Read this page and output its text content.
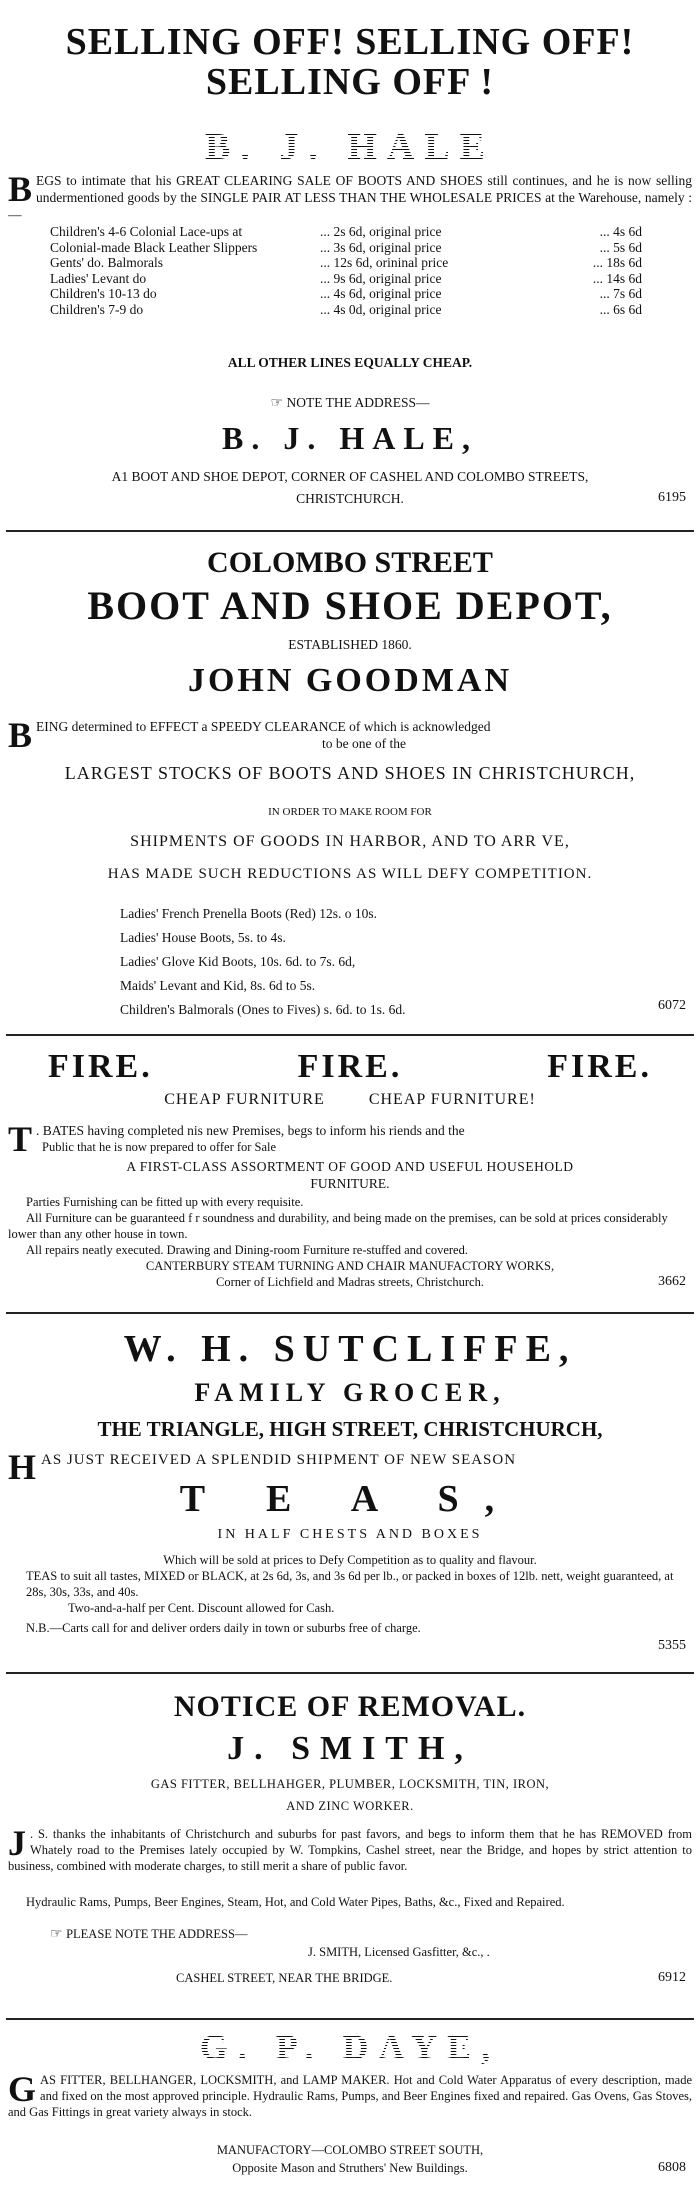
SELLING OFF! SELLING OFF!
SELLING OFF !
B. J. HALE
BEGS to intimate that his GREAT CLEARING SALE OF BOOTS AND SHOES still continues, and he is now selling undermentioned goods by the SINGLE PAIR AT LESS THAN THE WHOLESALE PRICES at the Warehouse, namely :—
Children's 4-6 Colonial Lace-ups at	... 2s 6d, original price	... 4s 6d
Colonial-made Black Leather Slippers	... 3s 6d, original price	... 5s 6d
Gents' do. Balmorals	... 12s 6d, orininal price	... 18s 6d
Ladies' Levant do	... 9s 6d, original price	... 14s 6d
Children's 10-13 do	... 4s 6d, original price	... 7s 6d
Children's 7-9 do	... 4s 0d, original price	... 6s 6d
ALL OTHER LINES EQUALLY CHEAP.
☞ NOTE THE ADDRESS—
B. J. HALE,
A1 BOOT AND SHOE DEPOT, CORNER OF CASHEL AND COLOMBO STREETS,
CHRISTCHURCH.	6195
COLOMBO STREET
BOOT AND SHOE DEPOT,
ESTABLISHED 1860.
JOHN GOODMAN
BEING determined to EFFECT a SPEEDY CLEARANCE of which is acknowledged
to be one of the
LARGEST STOCKS OF BOOTS AND SHOES IN CHRISTCHURCH,
IN ORDER TO MAKE ROOM FOR
SHIPMENTS OF GOODS IN HARBOR, AND TO ARR VE,
HAS MADE SUCH REDUCTIONS AS WILL DEFY COMPETITION.
Ladies' French Prenella Boots (Red) 12s. o 10s.
Ladies' House Boots, 5s. to 4s.
Ladies' Glove Kid Boots, 10s. 6d. to 7s. 6d,
Maids' Levant and Kid, 8s. 6d to 5s.
Children's Balmorals (Ones to Fives) s. 6d. to 1s. 6d.	6072
FIRE.	FIRE.	FIRE.
CHEAP FURNITURE	CHEAP FURNITURE!
T . BATES having completed nis new Premises, begs to inform his riends and the
Public that he is now prepared to offer for Sale
A FIRST-CLASS ASSORTMENT OF GOOD AND USEFUL HOUSEHOLD
FURNITURE.
Parties Furnishing can be fitted up with every requisite.
All Furniture can be guaranteed f r soundness and durability, and being made on the premises, can be sold at prices considerably lower than any other house in town.
All repairs neatly executed. Drawing and Dining-room Furniture re-stuffed and covered.
CANTERBURY STEAM TURNING AND CHAIR MANUFACTORY WORKS,
Corner of Lichfield and Madras streets, Christchurch.	3662
W. H. SUTCLIFFE,
FAMILY GROCER,
THE TRIANGLE, HIGH STREET, CHRISTCHURCH,
HAS JUST RECEIVED A SPLENDID SHIPMENT OF NEW SEASON
T E A S,
IN HALF CHESTS AND BOXES
Which will be sold at prices to Defy Competition as to quality and flavour.
TEAS to suit all tastes, MIXED or BLACK, at 2s 6d, 3s, and 3s 6d per lb., or packed in boxes of 12lb. nett, weight guaranteed, at 28s, 30s, 33s, and 40s.
Two-and-a-half per Cent. Discount allowed for Cash.
N.B.—Carts call for and deliver orders daily in town or suburbs free of charge.
5355
NOTICE OF REMOVAL.
J. SMITH,
GAS FITTER, BELLHAHGER, PLUMBER, LOCKSMITH, TIN, IRON,
AND ZINC WORKER.
J . S. thanks the inhabitants of Christchurch and suburbs for past favors, and begs to inform them that he has REMOVED from Whately road to the Premises lately occupied by W. Tompkins, Cashel street, near the Bridge, and hopes by strict attention to business, combined with moderate charges, to still merit a share of public favor.
Hydraulic Rams, Pumps, Beer Engines, Steam, Hot, and Cold Water Pipes, Baths, &c., Fixed and Repaired.
☞ PLEASE NOTE THE ADDRESS—
J. SMITH, Licensed Gasfitter, &c., .
CASHEL STREET, NEAR THE BRIDGE.	6912
G. P. DAYE,
GAS FITTER, BELLHANGER, LOCKSMITH, and LAMP MAKER. Hot and Cold Water Apparatus of every description, made and fixed on the most approved principle. Hydraulic Rams, Pumps, and Beer Engines fixed and repaired. Gas Ovens, Gas Stoves, and Gas Fittings in great variety always in stock.
MANUFACTORY—COLOMBO STREET SOUTH,
Opposite Mason and Struthers' New Buildings.	6808
